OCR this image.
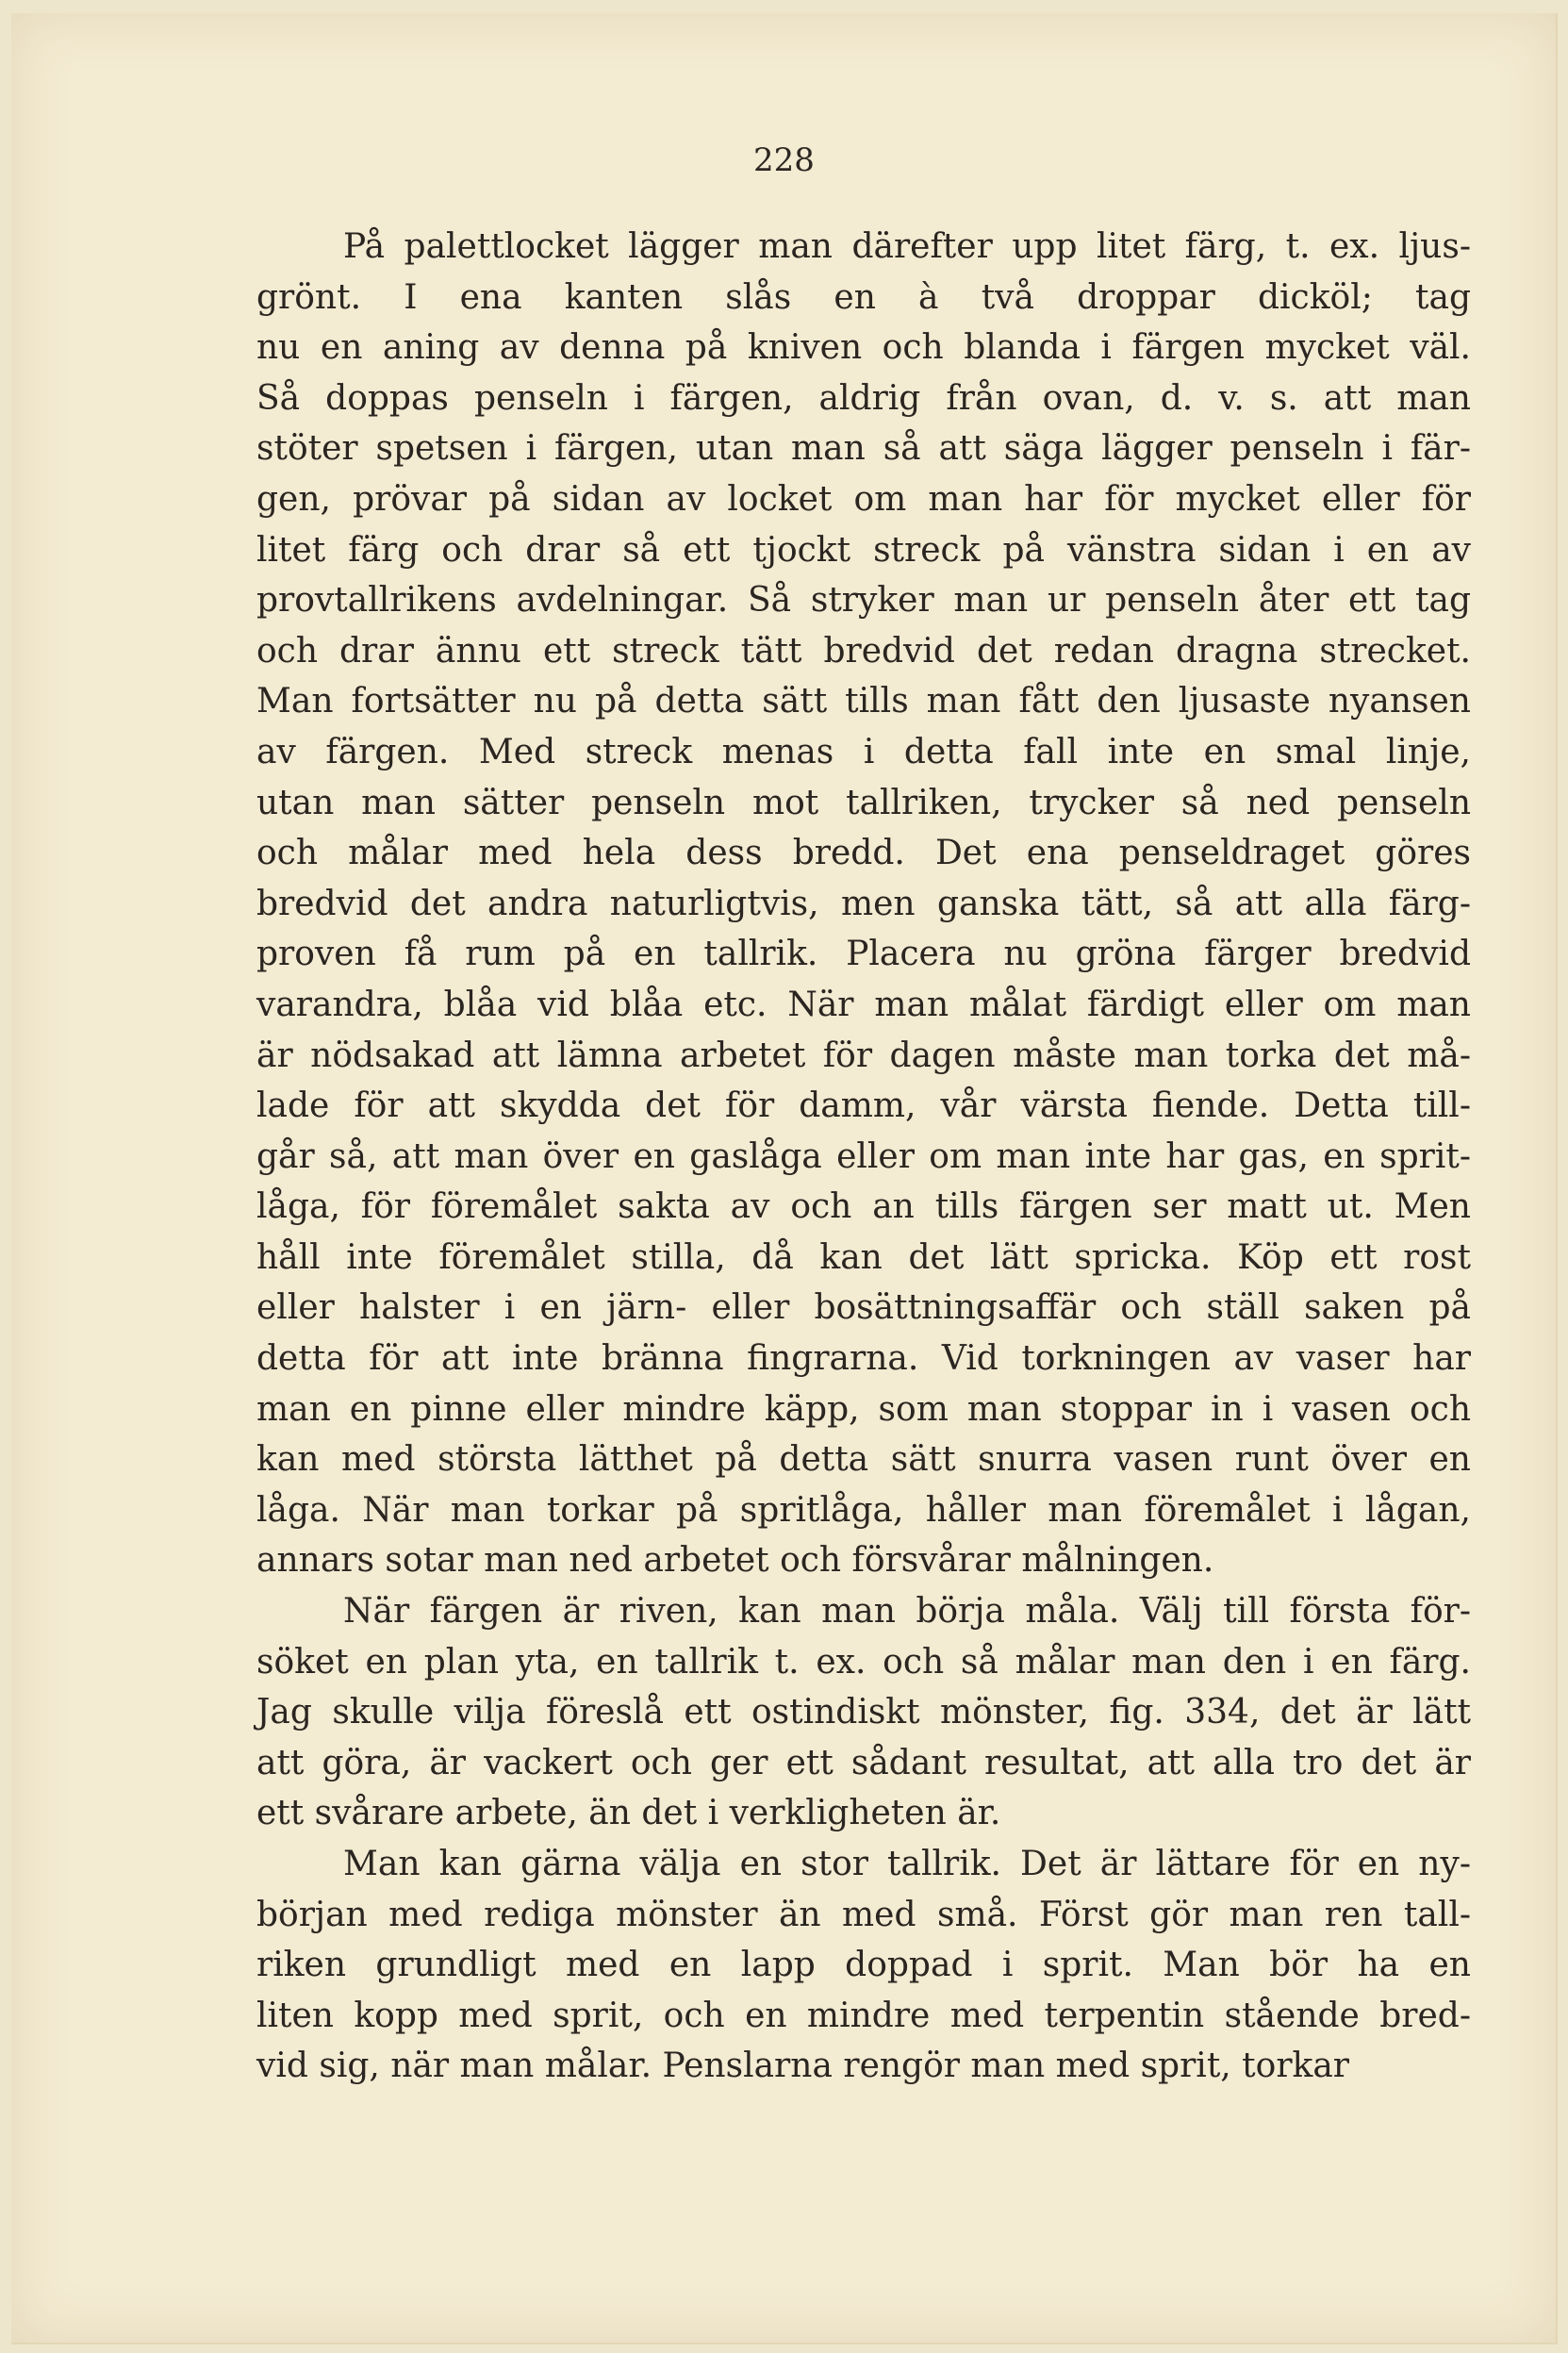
228

På palettlocket lägger man därefter upp litet färg, t. ex. ljus-
grönt. I ena kanten slås en à två droppar dicköl; tag
nu en aning av denna på kniven och blanda i färgen mycket väl.
Så doppas penseln i färgen, aldrig från ovan, d. v. s. att man
stöter spetsen i färgen, utan man så att säga lägger penseln i fär-
gen, prövar på sidan av locket om man har för mycket eller för
litet färg och drar så ett tjockt streck på vänstra sidan i en av
provtallrikens avdelningar. Så stryker man ur penseln åter ett tag
och drar ännu ett streck tätt bredvid det redan dragna strecket.
Man fortsätter nu på detta sätt tills man fått den ljusaste nyansen
av färgen. Med streck menas i detta fall inte en smal linje,
utan man sätter penseln mot tallriken, trycker så ned penseln
och målar med hela dess bredd. Det ena penseldraget göres
bredvid det andra naturligtvis, men ganska tätt, så att alla färg-
proven få rum på en tallrik. Placera nu gröna färger bredvid
varandra, blåa vid blåa etc. När man målat färdigt eller om man
är nödsakad att lämna arbetet för dagen måste man torka det må-
lade för att skydda det för damm, vår värsta fiende. Detta till-
går så, att man över en gaslåga eller om man inte har gas, en sprit-
låga, för föremålet sakta av och an tills färgen ser matt ut. Men
håll inte föremålet stilla, då kan det lätt spricka. Köp ett rost
eller halster i en järn- eller bosättningsaffär och ställ saken på
detta för att inte bränna fingrarna. Vid torkningen av vaser har
man en pinne eller mindre käpp, som man stoppar in i vasen och
kan med största lätthet på detta sätt snurra vasen runt över en
låga. När man torkar på spritlåga, håller man föremålet i lågan,
annars sotar man ned arbetet och försvårar målningen.
När färgen är riven, kan man börja måla. Välj till första för-
söket en plan yta, en tallrik t. ex. och så målar man den i en färg.
Jag skulle vilja föreslå ett ostindiskt mönster, fig. 334, det är lätt
att göra, är vackert och ger ett sådant resultat, att alla tro det är
ett svårare arbete, än det i verkligheten är.
Man kan gärna välja en stor tallrik. Det är lättare för en ny-
början med rediga mönster än med små. Först gör man ren tall-
riken grundligt med en lapp doppad i sprit. Man bör ha en
liten kopp med sprit, och en mindre med terpentin stående bred-
vid sig, när man målar. Penslarna rengör man med sprit, torkar
